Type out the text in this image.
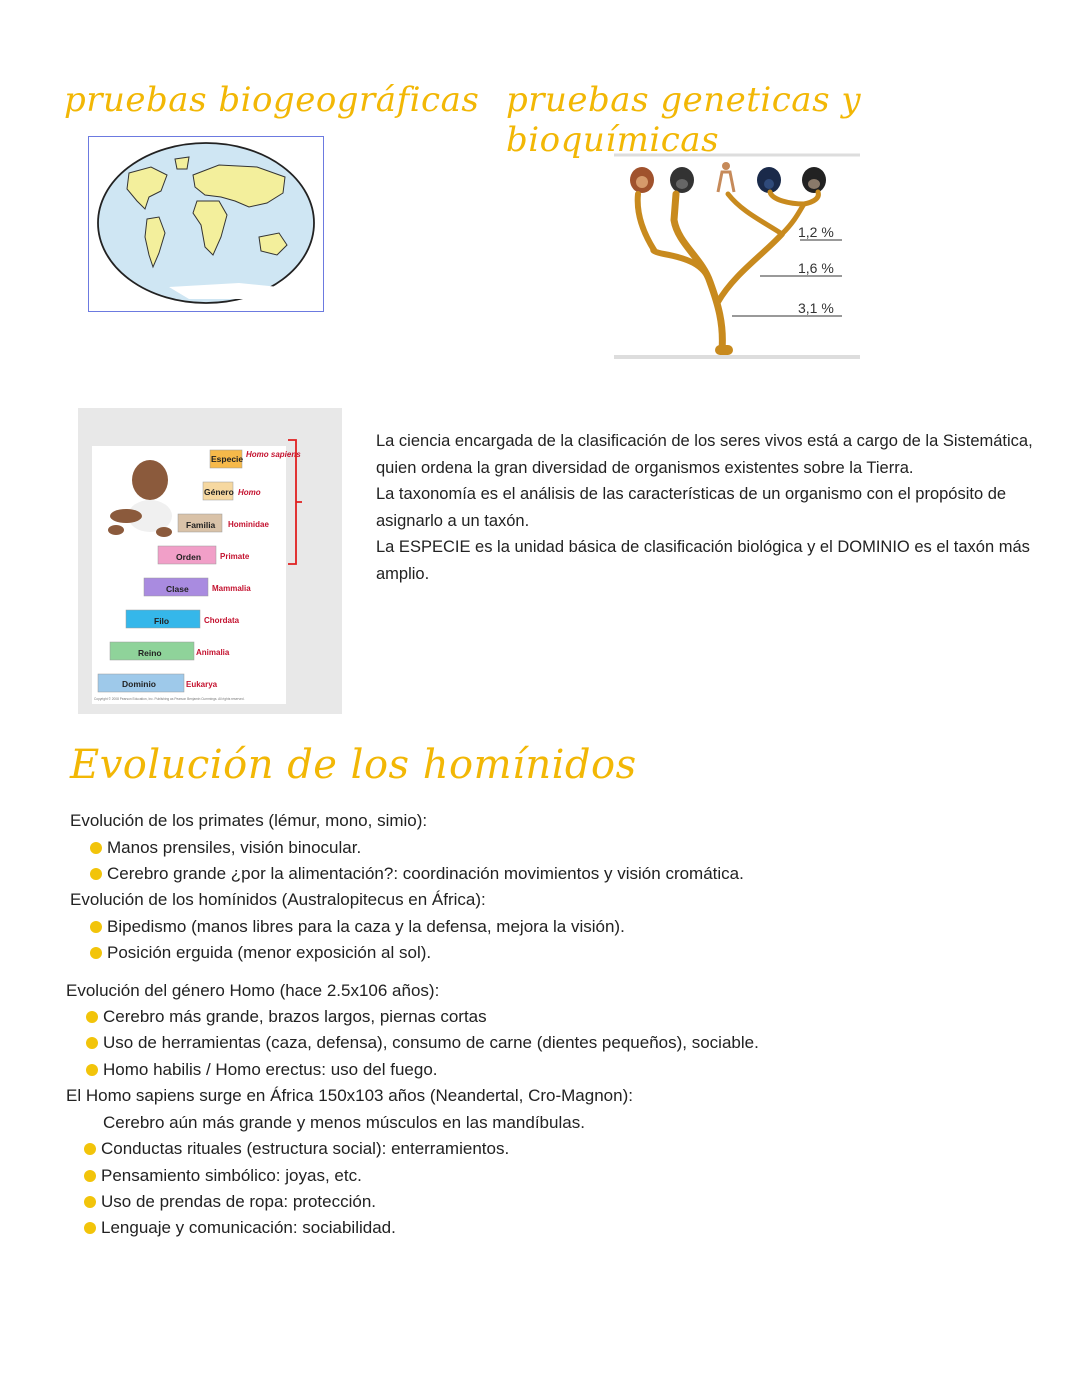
pruebas biogeográficas pruebas geneticas y bioquímicas
1,2 %
1,6 %
3,1 %
Especie
Género
Familia
Orden
Clase
Filo
Reino
Dominio
Homo sapiens
Homo
Hominidae
Primate
Mammalia
Chordata
Animalia
Eukarya
Copyright © 2008 Pearson Education, Inc. Publishing as Pearson Benjamin Cummings. All rights reserved.

La ciencia encargada de la clasificación de los seres vivos está a cargo de la Sistemática, quien ordena la gran diversidad de organismos existentes sobre la Tierra.

La taxonomía es el análisis de las características de un organismo con el propósito de asignarlo a un taxón.

La ESPECIE es la unidad básica de clasificación biológica y el DOMINIO es el taxón más amplio.

Evolución de los homínidos
Evolución de los primates (lémur, mono, simio):
Manos prensiles, visión binocular.
Cerebro grande ¿por la alimentación?: coordinación movimientos y visión cromática.
Evolución de los homínidos (Australopitecus en África):
Bipedismo (manos libres para la caza y la defensa, mejora la visión).
Posición erguida (menor exposición al sol).
Evolución del género Homo (hace 2.5x106 años):
Cerebro más grande, brazos largos, piernas cortas
Uso de herramientas (caza, defensa), consumo de carne (dientes pequeños), sociable.
Homo habilis / Homo erectus: uso del fuego.
El Homo sapiens surge en África 150x103 años (Neandertal, Cro-Magnon):
Cerebro aún más grande y menos músculos en las mandíbulas.
Conductas rituales (estructura social): enterramientos.
Pensamiento simbólico: joyas, etc.
Uso de prendas de ropa: protección.
Lenguaje y comunicación: sociabilidad.
